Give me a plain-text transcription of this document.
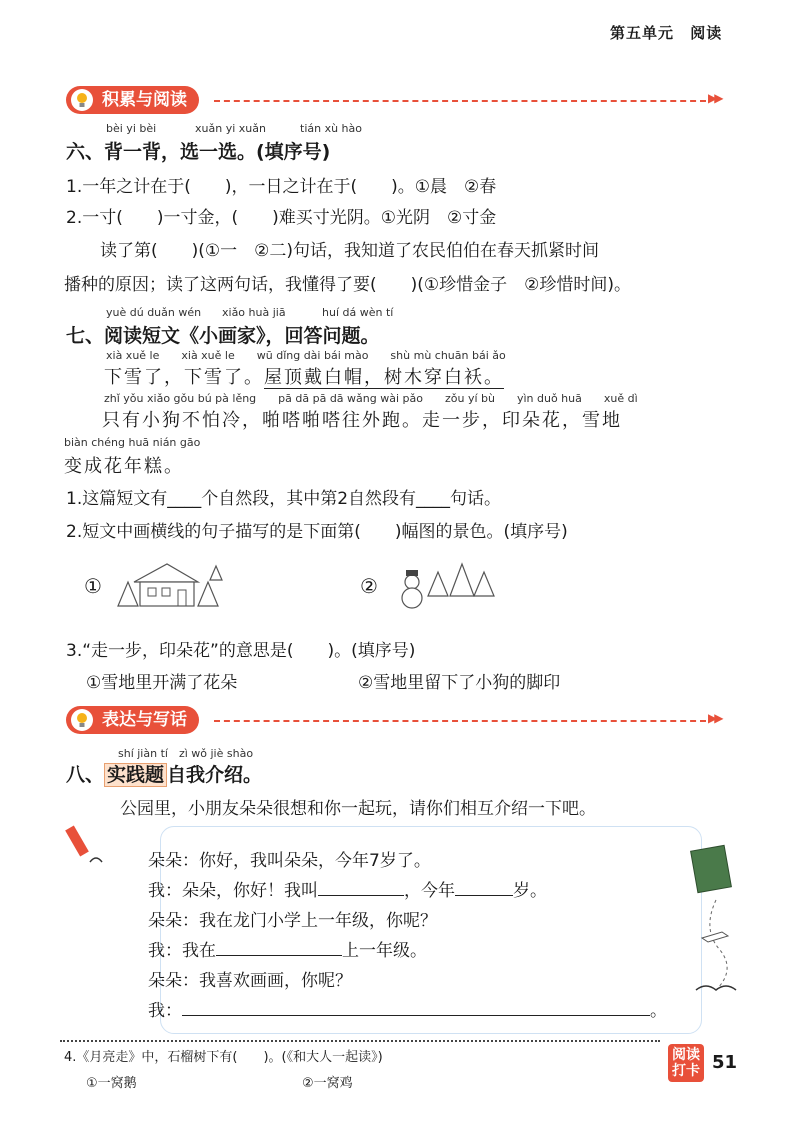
第五单元 阅读
积累与阅读	▶▶
bèi yi bèi	xuǎn yi xuǎn	tián xù hào
六、背一背，选一选。(填序号)
1.一年之计在于(　　)，一日之计在于(　　)。①晨　②春
2.一寸(　　)一寸金，(　　)难买寸光阴。①光阴　②寸金
读了第(　　)(①一　②二)句话，我知道了农民伯伯在春天抓紧时间
播种的原因；读了这两句话，我懂得了要(　　)(①珍惜金子　②珍惜时间)。
yuè dú duǎn wén xiǎo huà jiā	huí dá wèn tí
七、阅读短文《小画家》，回答问题。
xià xuě le　　xià xuě le　　wū dǐng dài bái mào　　shù mù chuān bái ǎo
下雪了，下雪了。屋顶戴白帽，树木穿白袄。
zhǐ yǒu xiǎo gǒu bú pà lěng　　pā dā pā dā wǎng wài pǎo　　zǒu yí bù　　yìn duǒ huā　　xuě dì
只有小狗不怕冷，啪嗒啪嗒往外跑。走一步，印朵花，雪地
biàn chéng huā nián gāo
变成花年糕。
1.这篇短文有____个自然段，其中第2自然段有____句话。
2.短文中画横线的句子描写的是下面第(　　)幅图的景色。(填序号)
①	②
3.“走一步，印朵花”的意思是(　　)。(填序号)
①雪地里开满了花朵	②雪地里留下了小狗的脚印
表达与写话	▶▶
shí jiàn tí　zì wǒ jiè shào
八、 实践题 自我介绍。
公园里，小朋友朵朵很想和你一起玩，请你们相互介绍一下吧。
朵朵：你好，我叫朵朵，今年7岁了。
我：朵朵，你好！我叫	，今年	岁。
朵朵：我在龙门小学上一年级，你呢？
我：我在	上一年级。
朵朵：我喜欢画画，你呢？
我：	。
4.《月亮走》中，石榴树下有(　　)。(《和大人一起读》)
①一窝鹅	②一窝鸡
阅读
打卡 51
